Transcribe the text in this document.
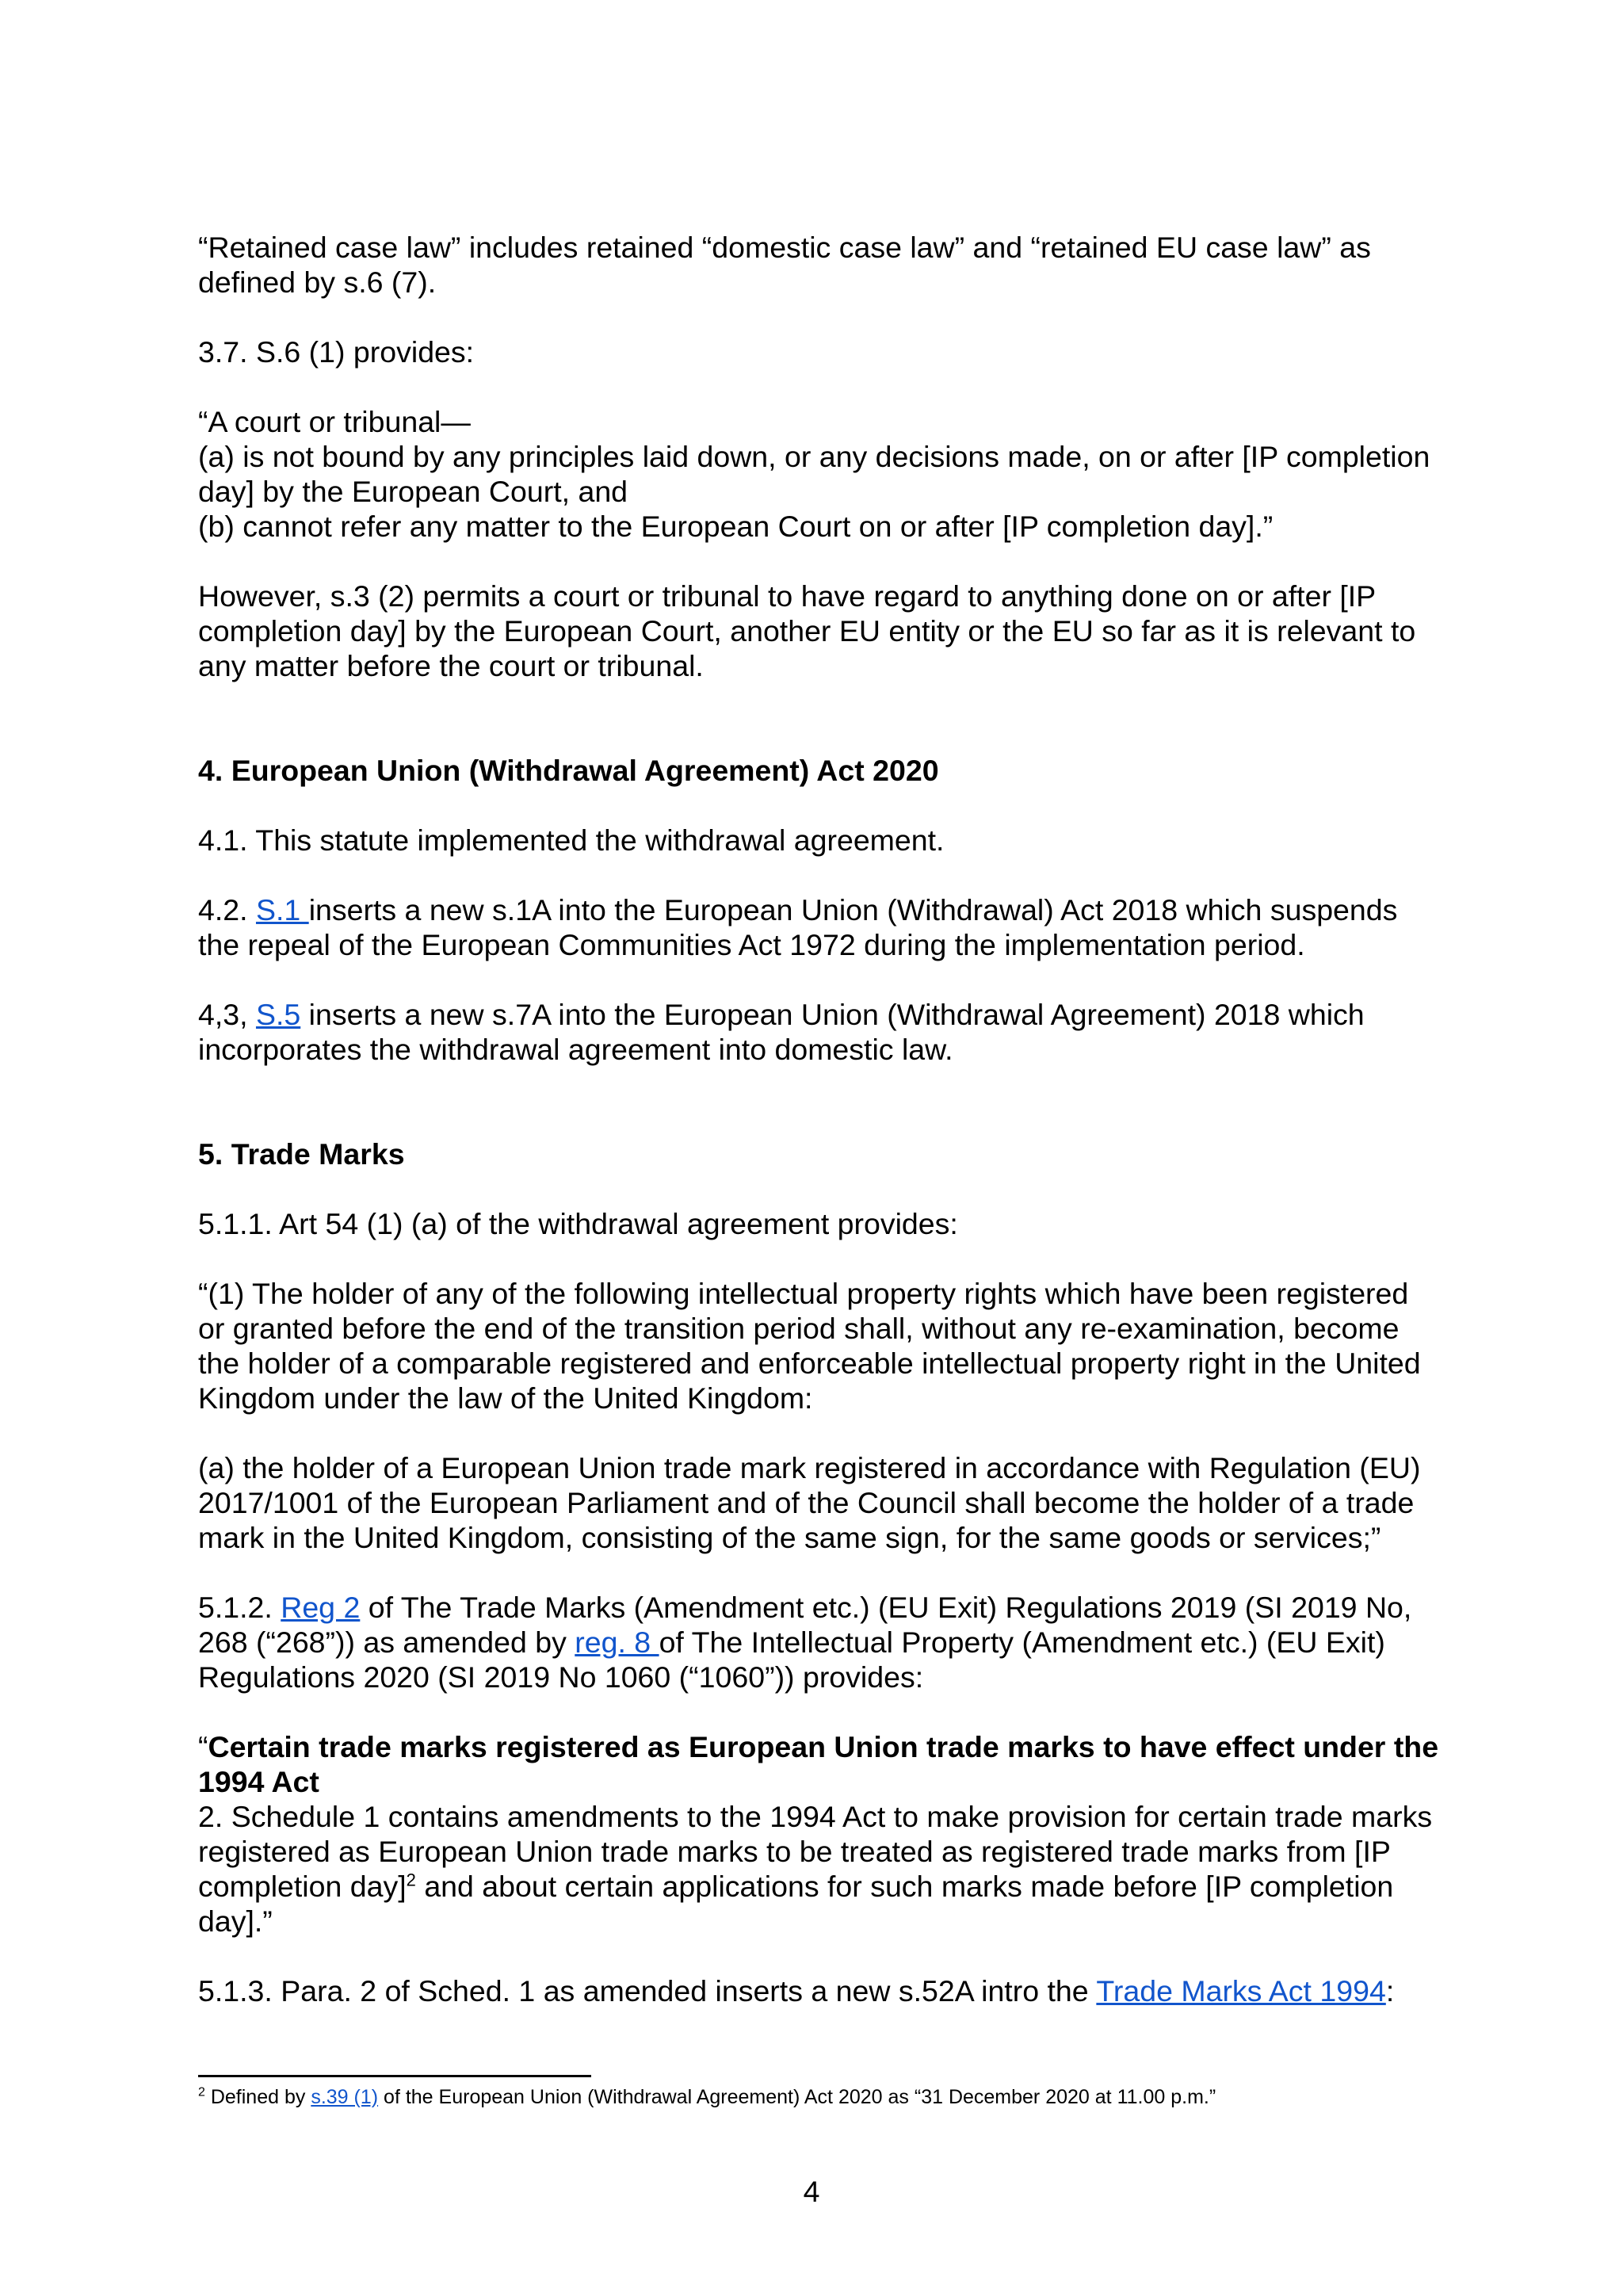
“Retained case law” includes retained “domestic case law” and “retained EU case law” as defined by s.6 (7).

3.7. S.6 (1) provides:

“A court or tribunal—

(a) is not bound by any principles laid down, or any decisions made, on or after [IP completion day] by the European Court, and

(b) cannot refer any matter to the European Court on or after [IP completion day].”

However, s.3 (2) permits a court or tribunal to have regard to anything done on or after [IP completion day] by the European Court, another EU entity or the EU so far as it is relevant to any matter before the court or tribunal.

4. European Union (Withdrawal Agreement) Act 2020

4.1. This statute implemented the withdrawal agreement.

4.2. S.1 inserts a new s.1A into the European Union (Withdrawal) Act 2018 which suspends the repeal of the European Communities Act 1972 during the implementation period.

4,3, S.5 inserts a new s.7A into the European Union (Withdrawal Agreement) 2018 which incorporates the withdrawal agreement into domestic law.

5. Trade Marks

5.1.1. Art 54 (1) (a) of the withdrawal agreement provides:

“(1) The holder of any of the following intellectual property rights which have been registered or granted before the end of the transition period shall, without any re-examination, become the holder of a comparable registered and enforceable intellectual property right in the United Kingdom under the law of the United Kingdom:

(a) the holder of a European Union trade mark registered in accordance with Regulation (EU) 2017/1001 of the European Parliament and of the Council shall become the holder of a trade mark in the United Kingdom, consisting of the same sign, for the same goods or services;”

5.1.2. Reg 2 of The Trade Marks (Amendment etc.) (EU Exit) Regulations 2019 (SI 2019 No, 268 (“268”)) as amended by reg. 8 of The Intellectual Property (Amendment etc.) (EU Exit) Regulations 2020 (SI 2019 No 1060 (“1060”)) provides:

“Certain trade marks registered as European Union trade marks to have effect under the 1994 Act

2. Schedule 1 contains amendments to the 1994 Act to make provision for certain trade marks registered as European Union trade marks to be treated as registered trade marks from [IP completion day]$^2$ and about certain applications for such marks made before [IP completion day].”

5.1.3. Para. 2 of Sched. 1 as amended inserts a new s.52A intro the Trade Marks Act 1994:

$^2$ Defined by s.39 (1) of the European Union (Withdrawal Agreement) Act 2020 as “31 December 2020 at 11.00 p.m.”

4
